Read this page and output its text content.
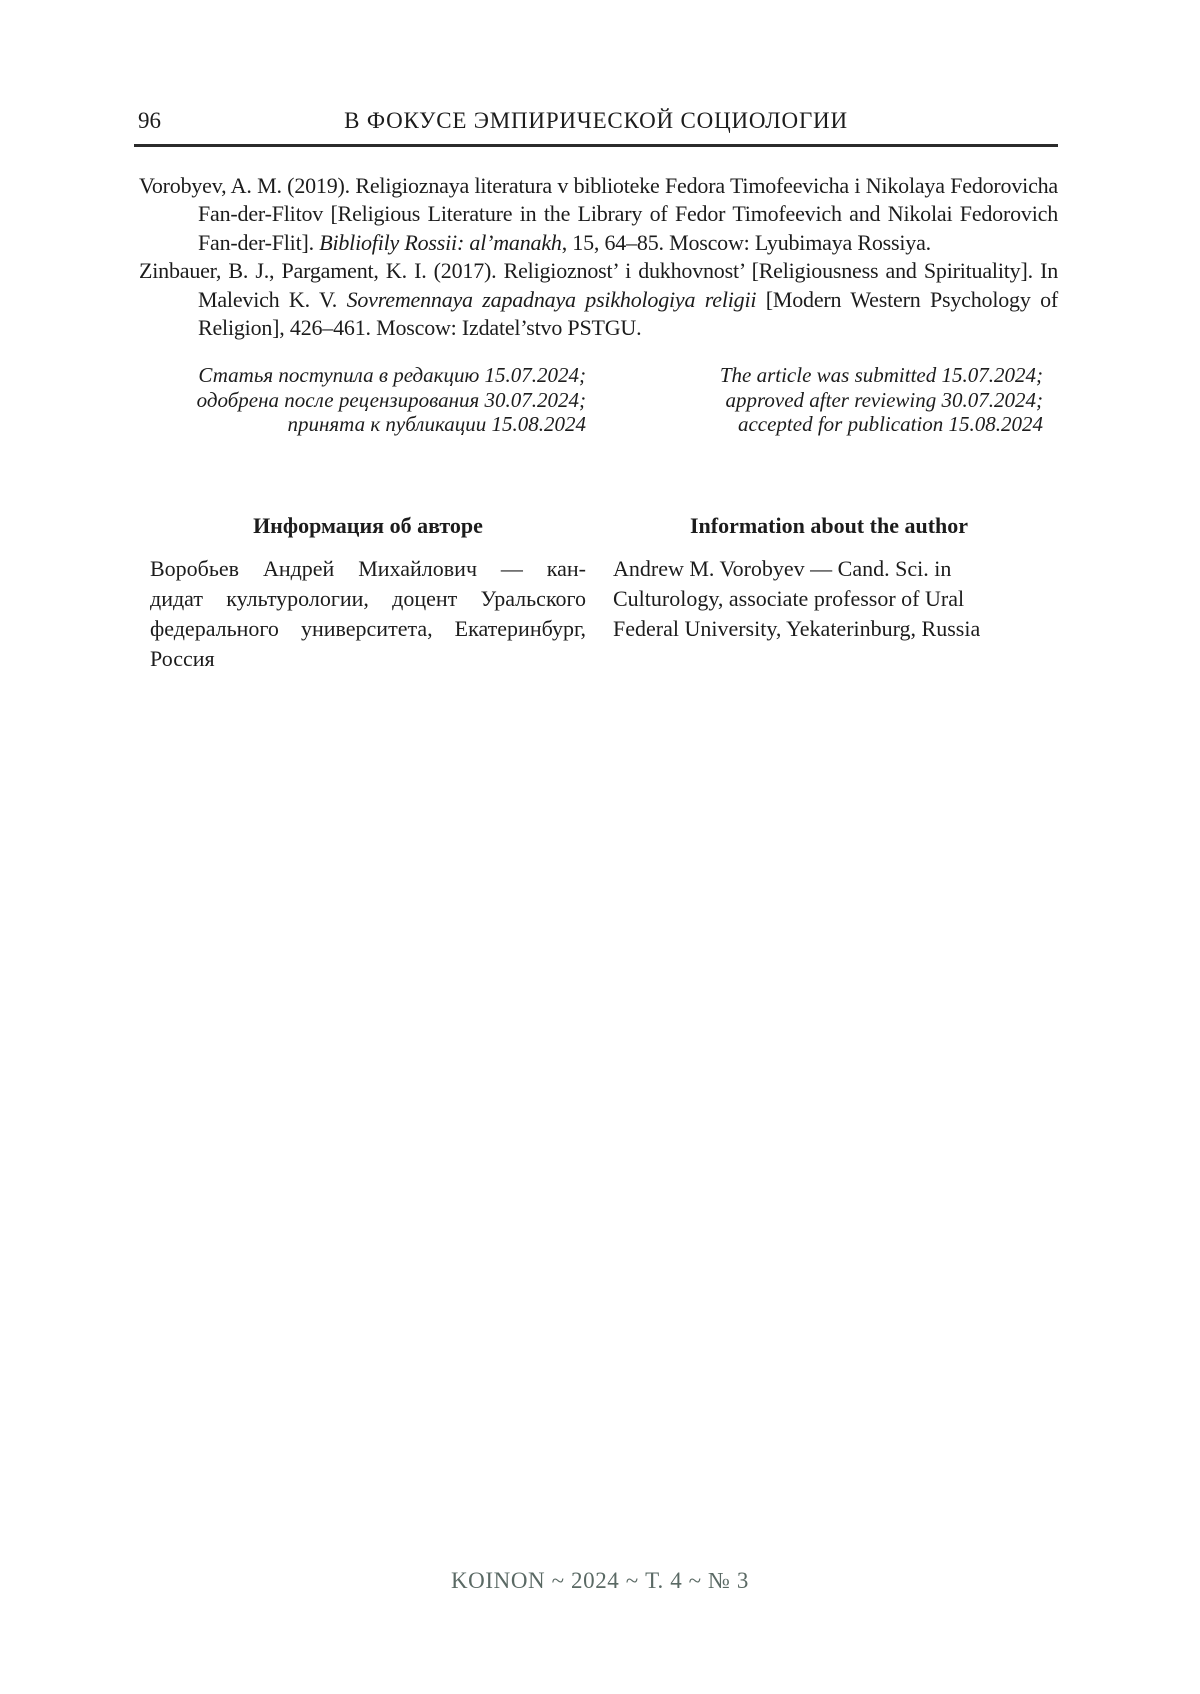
96	В ФОКУСЕ ЭМПИРИЧЕСКОЙ СОЦИОЛОГИИ

Vorobyev, A. M. (2019). Religioznaya literatura v biblioteke Fedora Timofeevicha i Nikolaya Fedorovicha Fan-der-Flitov [Religious Literature in the Library of Fedor Timofeevich and Nikolai Fedorovich Fan-der-Flit]. Bibliofily Rossii: al’manakh, 15, 64–85. Moscow: Lyubimaya Rossiya.

Zinbauer, B. J., Pargament, K. I. (2017). Religioznost’ i dukhovnost’ [Religiousness and Spirituality]. In Malevich K. V. Sovremennaya zapadnaya psikhologiya religii [Modern Western Psychology of Religion], 426–461. Moscow: Izdatel’stvo PSTGU.

Статья поступила в редакцию 15.07.2024;
одобрена после рецензирования 30.07.2024;
принята к публикации 15.08.2024
The article was submitted 15.07.2024;
approved after reviewing 30.07.2024;
accepted for publication 15.08.2024
Информация об авторе	Information about the author
Воробьев Андрей Михайлович — кан-
дидат культурологии, доцент Уральского
федерального университета, Екатеринбург,
Россия
Andrew M. Vorobyev — Cand. Sci. in
Culturology, associate professor of Ural
Federal University, Yekaterinburg, Russia
KOINON ~ 2024 ~ Т. 4 ~ № 3
